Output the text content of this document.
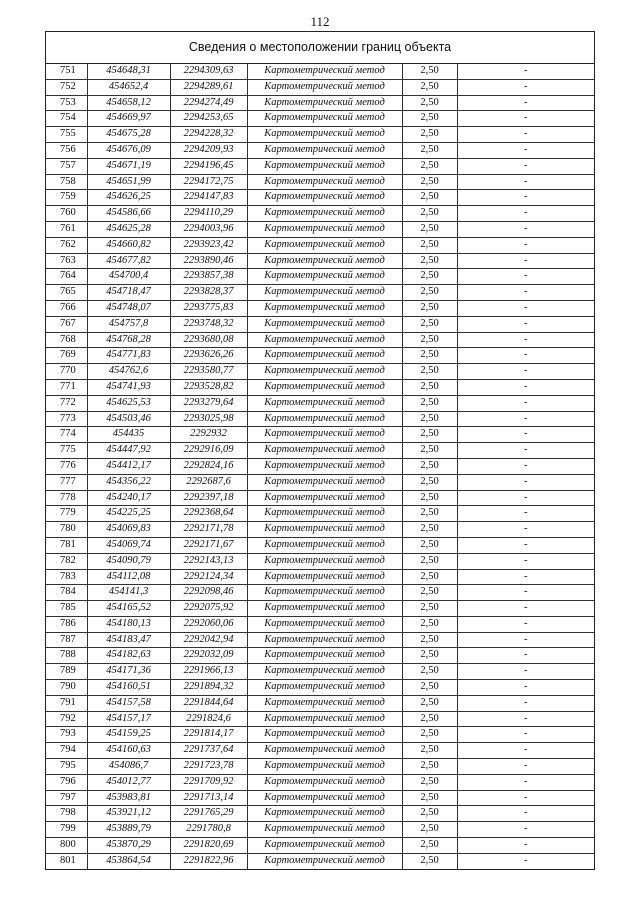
112
Сведения о местоположении границ объекта
751	454648,31	2294309,63	Картометрический метод	2,50	-
752	454652,4	2294289,61	Картометрический метод	2,50	-
753	454658,12	2294274,49	Картометрический метод	2,50	-
754	454669,97	2294253,65	Картометрический метод	2,50	-
755	454675,28	2294228,32	Картометрический метод	2,50	-
756	454676,09	2294209,93	Картометрический метод	2,50	-
757	454671,19	2294196,45	Картометрический метод	2,50	-
758	454651,99	2294172,75	Картометрический метод	2,50	-
759	454626,25	2294147,83	Картометрический метод	2,50	-
760	454586,66	2294110,29	Картометрический метод	2,50	-
761	454625,28	2294003,96	Картометрический метод	2,50	-
762	454660,82	2293923,42	Картометрический метод	2,50	-
763	454677,82	2293890,46	Картометрический метод	2,50	-
764	454700,4	2293857,38	Картометрический метод	2,50	-
765	454718,47	2293828,37	Картометрический метод	2,50	-
766	454748,07	2293775,83	Картометрический метод	2,50	-
767	454757,8	2293748,32	Картометрический метод	2,50	-
768	454768,28	2293680,08	Картометрический метод	2,50	-
769	454771,83	2293626,26	Картометрический метод	2,50	-
770	454762,6	2293580,77	Картометрический метод	2,50	-
771	454741,93	2293528,82	Картометрический метод	2,50	-
772	454625,53	2293279,64	Картометрический метод	2,50	-
773	454503,46	2293025,98	Картометрический метод	2,50	-
774	454435	2292932	Картометрический метод	2,50	-
775	454447,92	2292916,09	Картометрический метод	2,50	-
776	454412,17	2292824,16	Картометрический метод	2,50	-
777	454356,22	2292687,6	Картометрический метод	2,50	-
778	454240,17	2292397,18	Картометрический метод	2,50	-
779	454225,25	2292368,64	Картометрический метод	2,50	-
780	454069,83	2292171,78	Картометрический метод	2,50	-
781	454069,74	2292171,67	Картометрический метод	2,50	-
782	454090,79	2292143,13	Картометрический метод	2,50	-
783	454112,08	2292124,34	Картометрический метод	2,50	-
784	454141,3	2292098,46	Картометрический метод	2,50	-
785	454165,52	2292075,92	Картометрический метод	2,50	-
786	454180,13	2292060,06	Картометрический метод	2,50	-
787	454183,47	2292042,94	Картометрический метод	2,50	-
788	454182,63	2292032,09	Картометрический метод	2,50	-
789	454171,36	2291966,13	Картометрический метод	2,50	-
790	454160,51	2291894,32	Картометрический метод	2,50	-
791	454157,58	2291844,64	Картометрический метод	2,50	-
792	454157,17	2291824,6	Картометрический метод	2,50	-
793	454159,25	2291814,17	Картометрический метод	2,50	-
794	454160,63	2291737,64	Картометрический метод	2,50	-
795	454086,7	2291723,78	Картометрический метод	2,50	-
796	454012,77	2291709,92	Картометрический метод	2,50	-
797	453983,81	2291713,14	Картометрический метод	2,50	-
798	453921,12	2291765,29	Картометрический метод	2,50	-
799	453889,79	2291780,8	Картометрический метод	2,50	-
800	453870,29	2291820,69	Картометрический метод	2,50	-
801	453864,54	2291822,96	Картометрический метод	2,50	-
